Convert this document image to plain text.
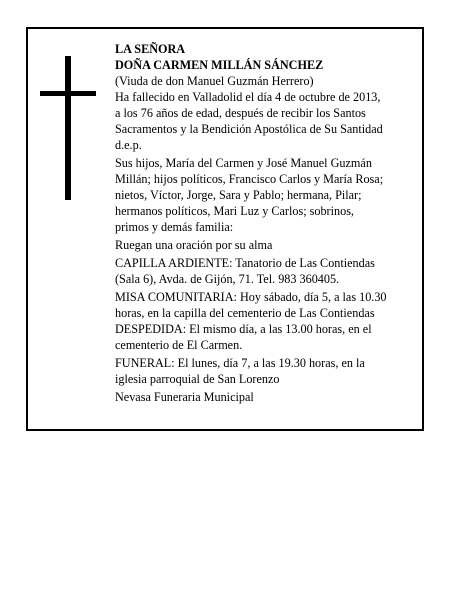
LA SEÑORA
DOÑA CARMEN MILLÁN SÁNCHEZ
(Viuda de don Manuel Guzmán Herrero)
Ha fallecido en Valladolid el día 4 de octubre de 2013,
a los 76 años de edad, después de recibir los Santos
Sacramentos y la Bendición Apostólica de Su Santidad
d.e.p.
Sus hijos, María del Carmen y José Manuel Guzmán
Millán; hijos políticos, Francisco Carlos y María Rosa;
nietos, Víctor, Jorge, Sara y Pablo; hermana, Pilar;
hermanos políticos, Mari Luz y Carlos; sobrinos,
primos y demás familia:
Ruegan una oración por su alma
CAPILLA ARDIENTE: Tanatorio de Las Contiendas
(Sala 6), Avda. de Gijón, 71. Tel. 983 360405.
MISA COMUNITARIA: Hoy sábado, día 5, a las 10.30
horas, en la capilla del cementerio de Las Contiendas
DESPEDIDA: El mismo día, a las 13.00 horas, en el
cementerio de El Carmen.
FUNERAL: El lunes, día 7, a las 19.30 horas, en la
iglesia parroquial de San Lorenzo
Nevasa Funeraria Municipal
